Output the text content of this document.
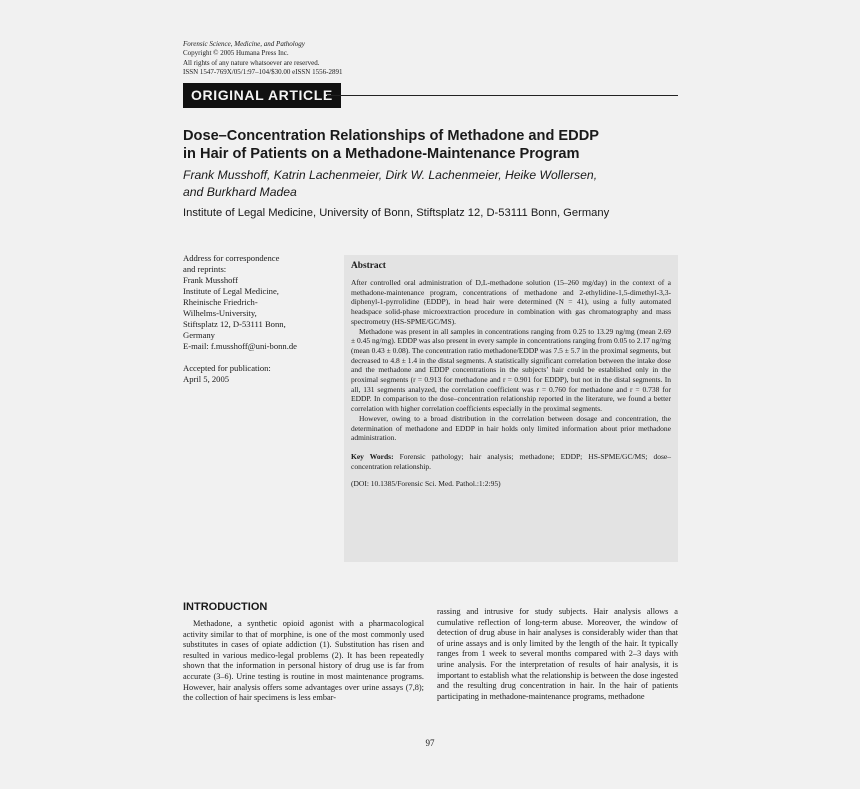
Forensic Science, Medicine, and Pathology
Copyright © 2005 Humana Press Inc.
All rights of any nature whatsoever are reserved.
ISSN 1547-769X/05/1:97–104/$30.00 eISSN 1556-2891
ORIGINAL ARTICLE
Dose–Concentration Relationships of Methadone and EDDP
in Hair of Patients on a Methadone-Maintenance Program
Frank Musshoff, Katrin Lachenmeier, Dirk W. Lachenmeier, Heike Wollersen,
and Burkhard Madea
Institute of Legal Medicine, University of Bonn, Stiftsplatz 12, D-53111 Bonn, Germany
Address for correspondence
and reprints:
Frank Musshoff
Institute of Legal Medicine,
Rheinische Friedrich-
Wilhelms-University,
Stiftsplatz 12, D-53111 Bonn,
Germany
E-mail: f.musshoff@uni-bonn.de
Accepted for publication:
April 5, 2005
Abstract

After controlled oral administration of D,L-methadone solution (15–260 mg/day) in the context of a methadone-maintenance program, concentrations of methadone and 2-ethylidine-1,5-dimethyl-3,3-diphenyl-1-pyrrolidine (EDDP), in head hair were determined (N = 41), using a fully automated headspace solid-phase microextraction procedure in combination with gas chromatography and mass spectrometry (HS-SPME/GC/MS).

Methadone was present in all samples in concentrations ranging from 0.25 to 13.29 ng/mg (mean 2.69 ± 0.45 ng/mg). EDDP was also present in every sample in concentrations ranging from 0.05 to 2.17 ng/mg (mean 0.43 ± 0.08). The concentration ratio methadone/EDDP was 7.5 ± 5.7 in the proximal segments, but decreased to 4.8 ± 1.4 in the distal segments. A statistically significant correlation between the intake dose and the methadone and EDDP concentrations in the subjects’ hair could be established only in the proximal segments (r = 0.913 for methadone and r = 0.901 for EDDP), but not in the distal segments. In all, 131 segments analyzed, the correlation coefficient was r = 0.760 for methadone and r = 0.738 for EDDP. In comparison to the dose–concentration relationship reported in the literature, we found a better correlation with higher correlation coefficients especially in the proximal segments.

However, owing to a broad distribution in the correlation between dosage and concentration, the determination of methadone and EDDP in hair holds only limited information about prior methadone administration.

Key Words: Forensic pathology; hair analysis; methadone; EDDP; HS-SPME/GC/MS; dose–concentration relationship.

(DOI: 10.1385/Forensic Sci. Med. Pathol.:1:2:95)

INTRODUCTION

Methadone, a synthetic opioid agonist with a pharmacological activity similar to that of morphine, is one of the most commonly used substitutes in cases of opiate addiction (1). Substitution has risen and resulted in various medico-legal problems (2). It has been repeatedly shown that the information in personal history of drug use is far from accurate (3–6). Urine testing is routine in most maintenance programs. However, hair analysis offers some advantages over urine assays (7,8); the collection of hair specimens is less embar-

rassing and intrusive for study subjects. Hair analysis allows a cumulative reflection of long-term abuse. Moreover, the window of detection of drug abuse in hair analyses is considerably wider than that of urine assays and is only limited by the length of the hair. It typically ranges from 1 week to several months compared with 2–3 days with urine analysis. For the interpretation of results of hair analysis, it is important to establish what the relationship is between the dose ingested and the resulting drug concentration in hair. In the hair of patients participating in methadone-maintenance programs, methadone

97
